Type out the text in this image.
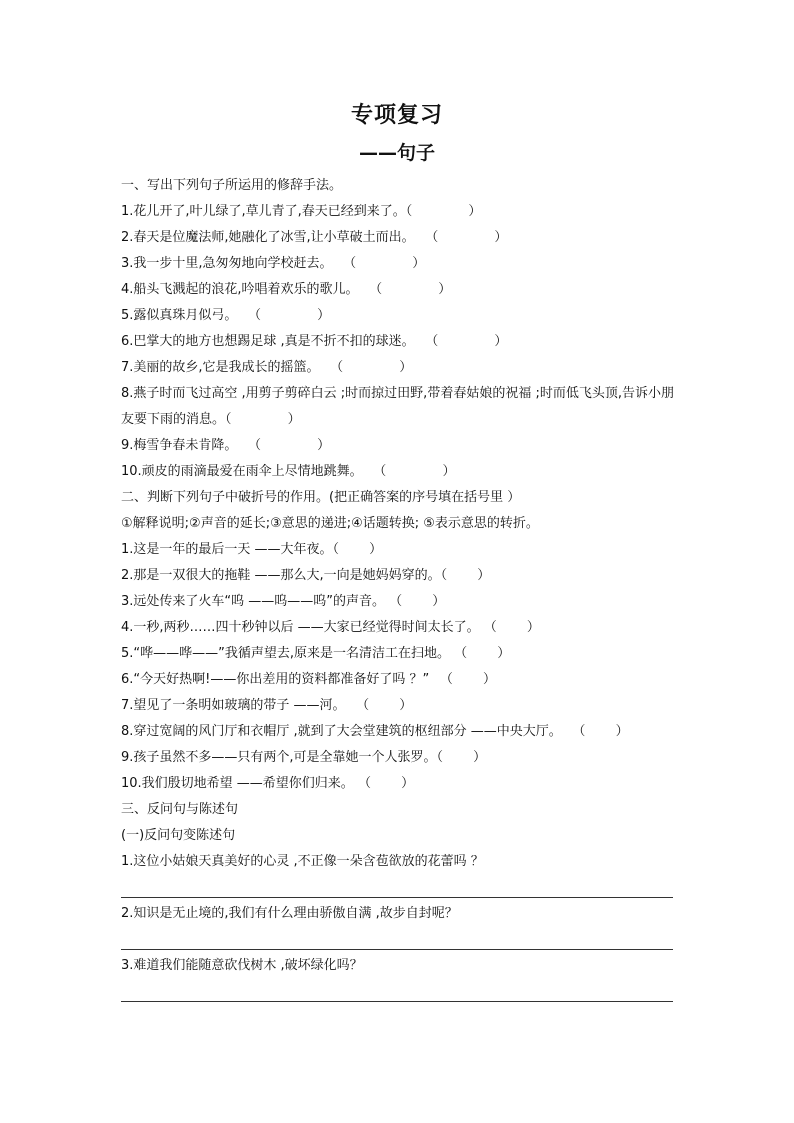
专项复习
——句子
一、写出下列句子所运用的修辞手法。
1.花儿开了,叶儿绿了,草儿青了,春天已经到来了。（ 　　　　）
2.春天是位魔法师,她融化了冰雪,让小草破土而出。 　（ 　　　　）
3.我一步十里,急匆匆地向学校赶去。 　（ 　　　　）
4.船头飞溅起的浪花,吟唱着欢乐的歌儿。 　（ 　　　　）
5.露似真珠月似弓。 　（ 　　　　）
6.巴掌大的地方也想踢足球 ,真是不折不扣的球迷。 　（ 　　　　）
7.美丽的故乡,它是我成长的摇篮。 　（ 　　　　）
8.燕子时而飞过高空 ,用剪子剪碎白云 ;时而掠过田野,带着春姑娘的祝福 ;时而低飞头顶,告诉小朋友要下雨的消息。（ 　　　　）
9.梅雪争春未肯降。 　（ 　　　　）
10.顽皮的雨滴最爱在雨伞上尽情地跳舞。 　（ 　　　　）
二、判断下列句子中破折号的作用。(把正确答案的序号填在括号里 ）
①解释说明;②声音的延长;③意思的递进;④话题转换; ⑤表示意思的转折。
1.这是一年的最后一天 ——大年夜。（ 　　）
2.那是一双很大的拖鞋 ——那么大,一向是她妈妈穿的。（ 　　）
3.远处传来了火车“呜 ——呜——呜”的声音。 （ 　　）
4.一秒,两秒……四十秒钟以后 ——大家已经觉得时间太长了。 （ 　　）
5.“哗——哗——”我循声望去,原来是一名清洁工在扫地。 （ 　　）
6.“今天好热啊!——你出差用的资料都准备好了吗 ？” 　（ 　　）
7.望见了一条明如玻璃的带子 ——河。 　（ 　　）
8.穿过宽阔的风门厅和衣帽厅 ,就到了大会堂建筑的枢纽部分 ——中央大厅。 　（ 　　）
9.孩子虽然不多——只有两个,可是全靠她一个人张罗。（ 　　）
10.我们殷切地希望 ——希望你们归来。 （ 　　）
三、反问句与陈述句
(一)反问句变陈述句
1.这位小姑娘天真美好的心灵 ,不正像一朵含苞欲放的花蕾吗 ？
2.知识是无止境的,我们有什么理由骄傲自满 ,故步自封呢？
3.难道我们能随意砍伐树木 ,破坏绿化吗？
